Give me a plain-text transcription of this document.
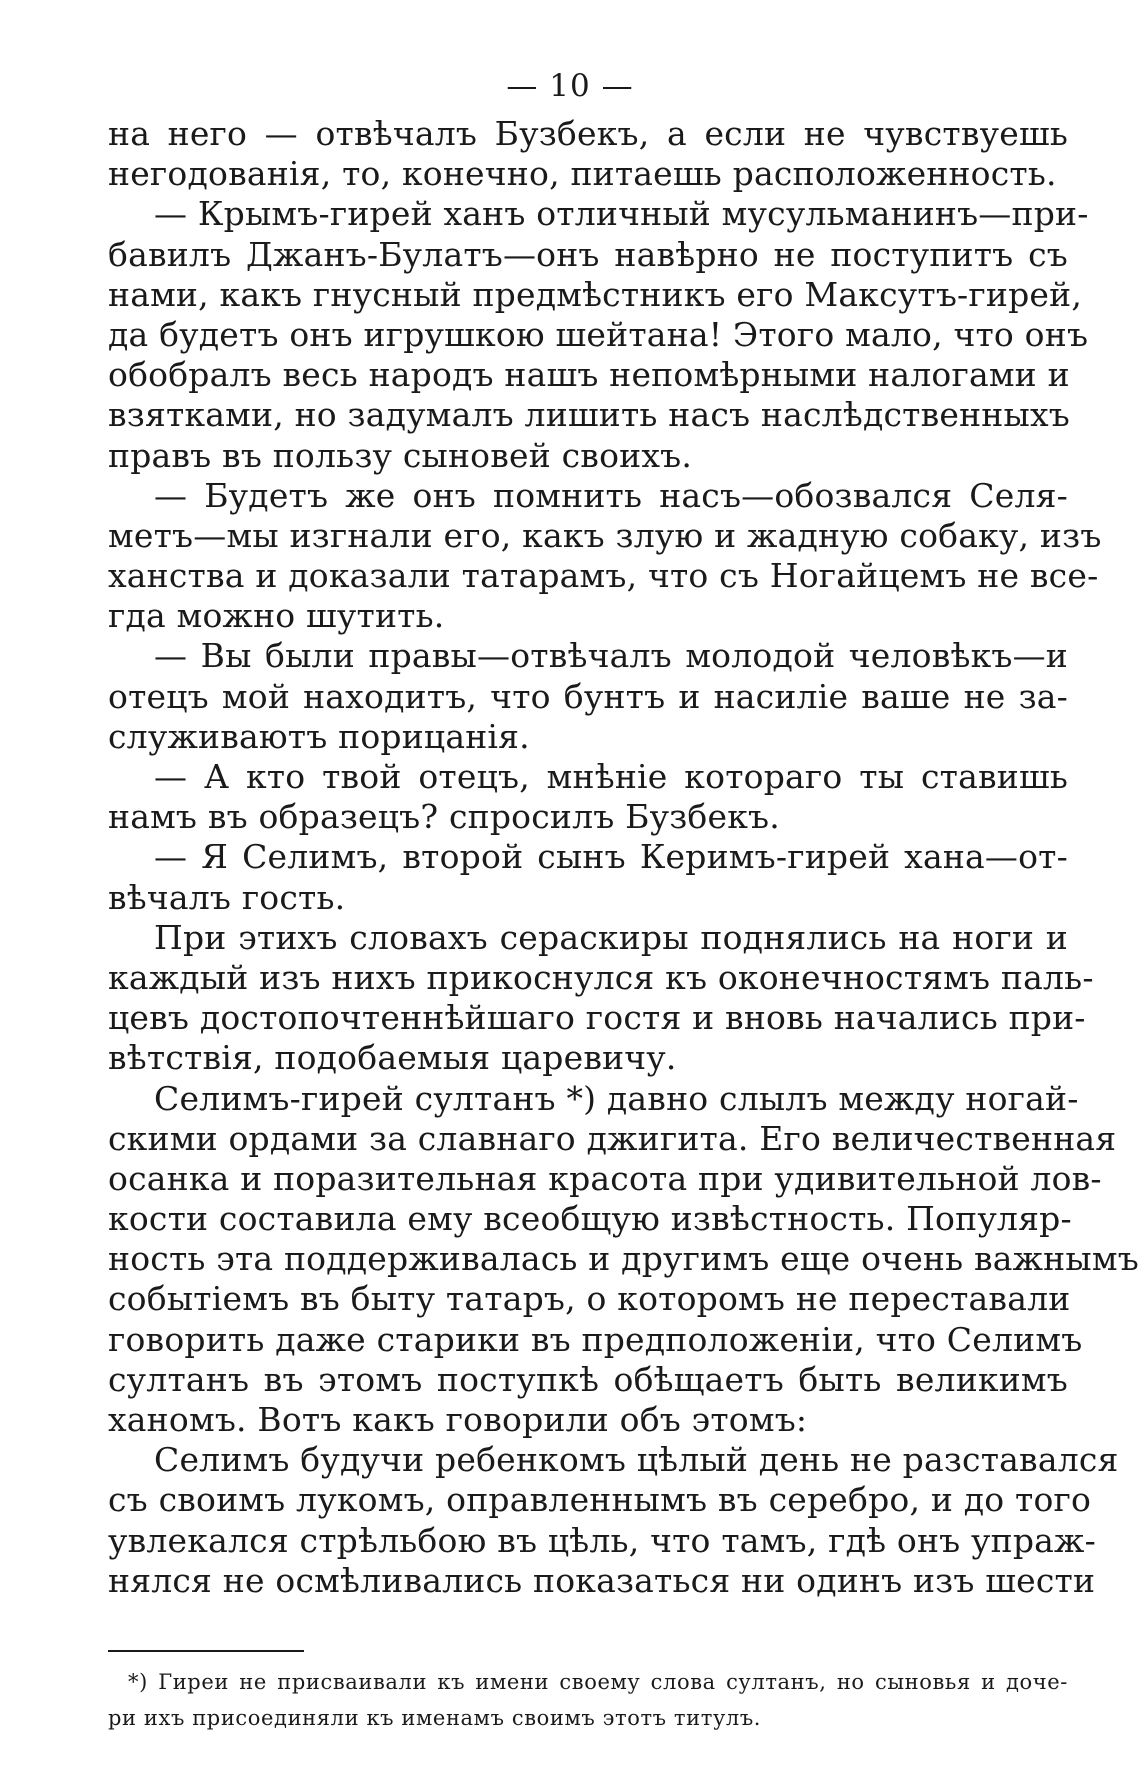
— 10 —
на него — отвѣчалъ Бузбекъ, а если не чувствуешь
негодованія, то, конечно, питаешь расположенность.
— Крымъ-гирей ханъ отличный мусульманинъ—при-
бавилъ Джанъ-Булатъ—онъ навѣрно не поступитъ съ
нами, какъ гнусный предмѣстникъ его Максутъ-гирей,
да будетъ онъ игрушкою шейтана! Этого мало, что онъ
обобралъ весь народъ нашъ непомѣрными налогами и
взятками, но задумалъ лишить насъ наслѣдственныхъ
правъ въ пользу сыновей своихъ.
— Будетъ же онъ помнить насъ—обозвался Селя-
метъ—мы изгнали его, какъ злую и жадную собаку, изъ
ханства и доказали татарамъ, что съ Ногайцемъ не все-
гда можно шутить.
— Вы были правы—отвѣчалъ молодой человѣкъ—и
отецъ мой находитъ, что бунтъ и насиліе ваше не за-
служиваютъ порицанія.
— А кто твой отецъ, мнѣніе котораго ты ставишь
намъ въ образецъ? спросилъ Бузбекъ.
— Я Селимъ, второй сынъ Керимъ-гирей хана—от-
вѣчалъ гость.
При этихъ словахъ сераскиры поднялись на ноги и
каждый изъ нихъ прикоснулся къ оконечностямъ паль-
цевъ достопочтеннѣйшаго гостя и вновь начались при-
вѣтствія, подобаемыя царевичу.
Селимъ-гирей султанъ *) давно слылъ между ногай-
скими ордами за славнаго джигита. Его величественная
осанка и поразительная красота при удивительной лов-
кости составила ему всеобщую извѣстность. Популяр-
ность эта поддерживалась и другимъ еще очень важнымъ
событіемъ въ быту татаръ, о которомъ не переставали
говорить даже старики въ предположеніи, что Селимъ
султанъ въ этомъ поступкѣ обѣщаетъ быть великимъ
ханомъ. Вотъ какъ говорили объ этомъ:
Селимъ будучи ребенкомъ цѣлый день не разставался
съ своимъ лукомъ, оправленнымъ въ серебро, и до того
увлекался стрѣльбою въ цѣль, что тамъ, гдѣ онъ упраж-
нялся не осмѣливались показаться ни одинъ изъ шести
*) Гиреи не присваивали къ имени своему слова султанъ, но сыновья и доче-
ри ихъ присоединяли къ именамъ своимъ этотъ титулъ.
